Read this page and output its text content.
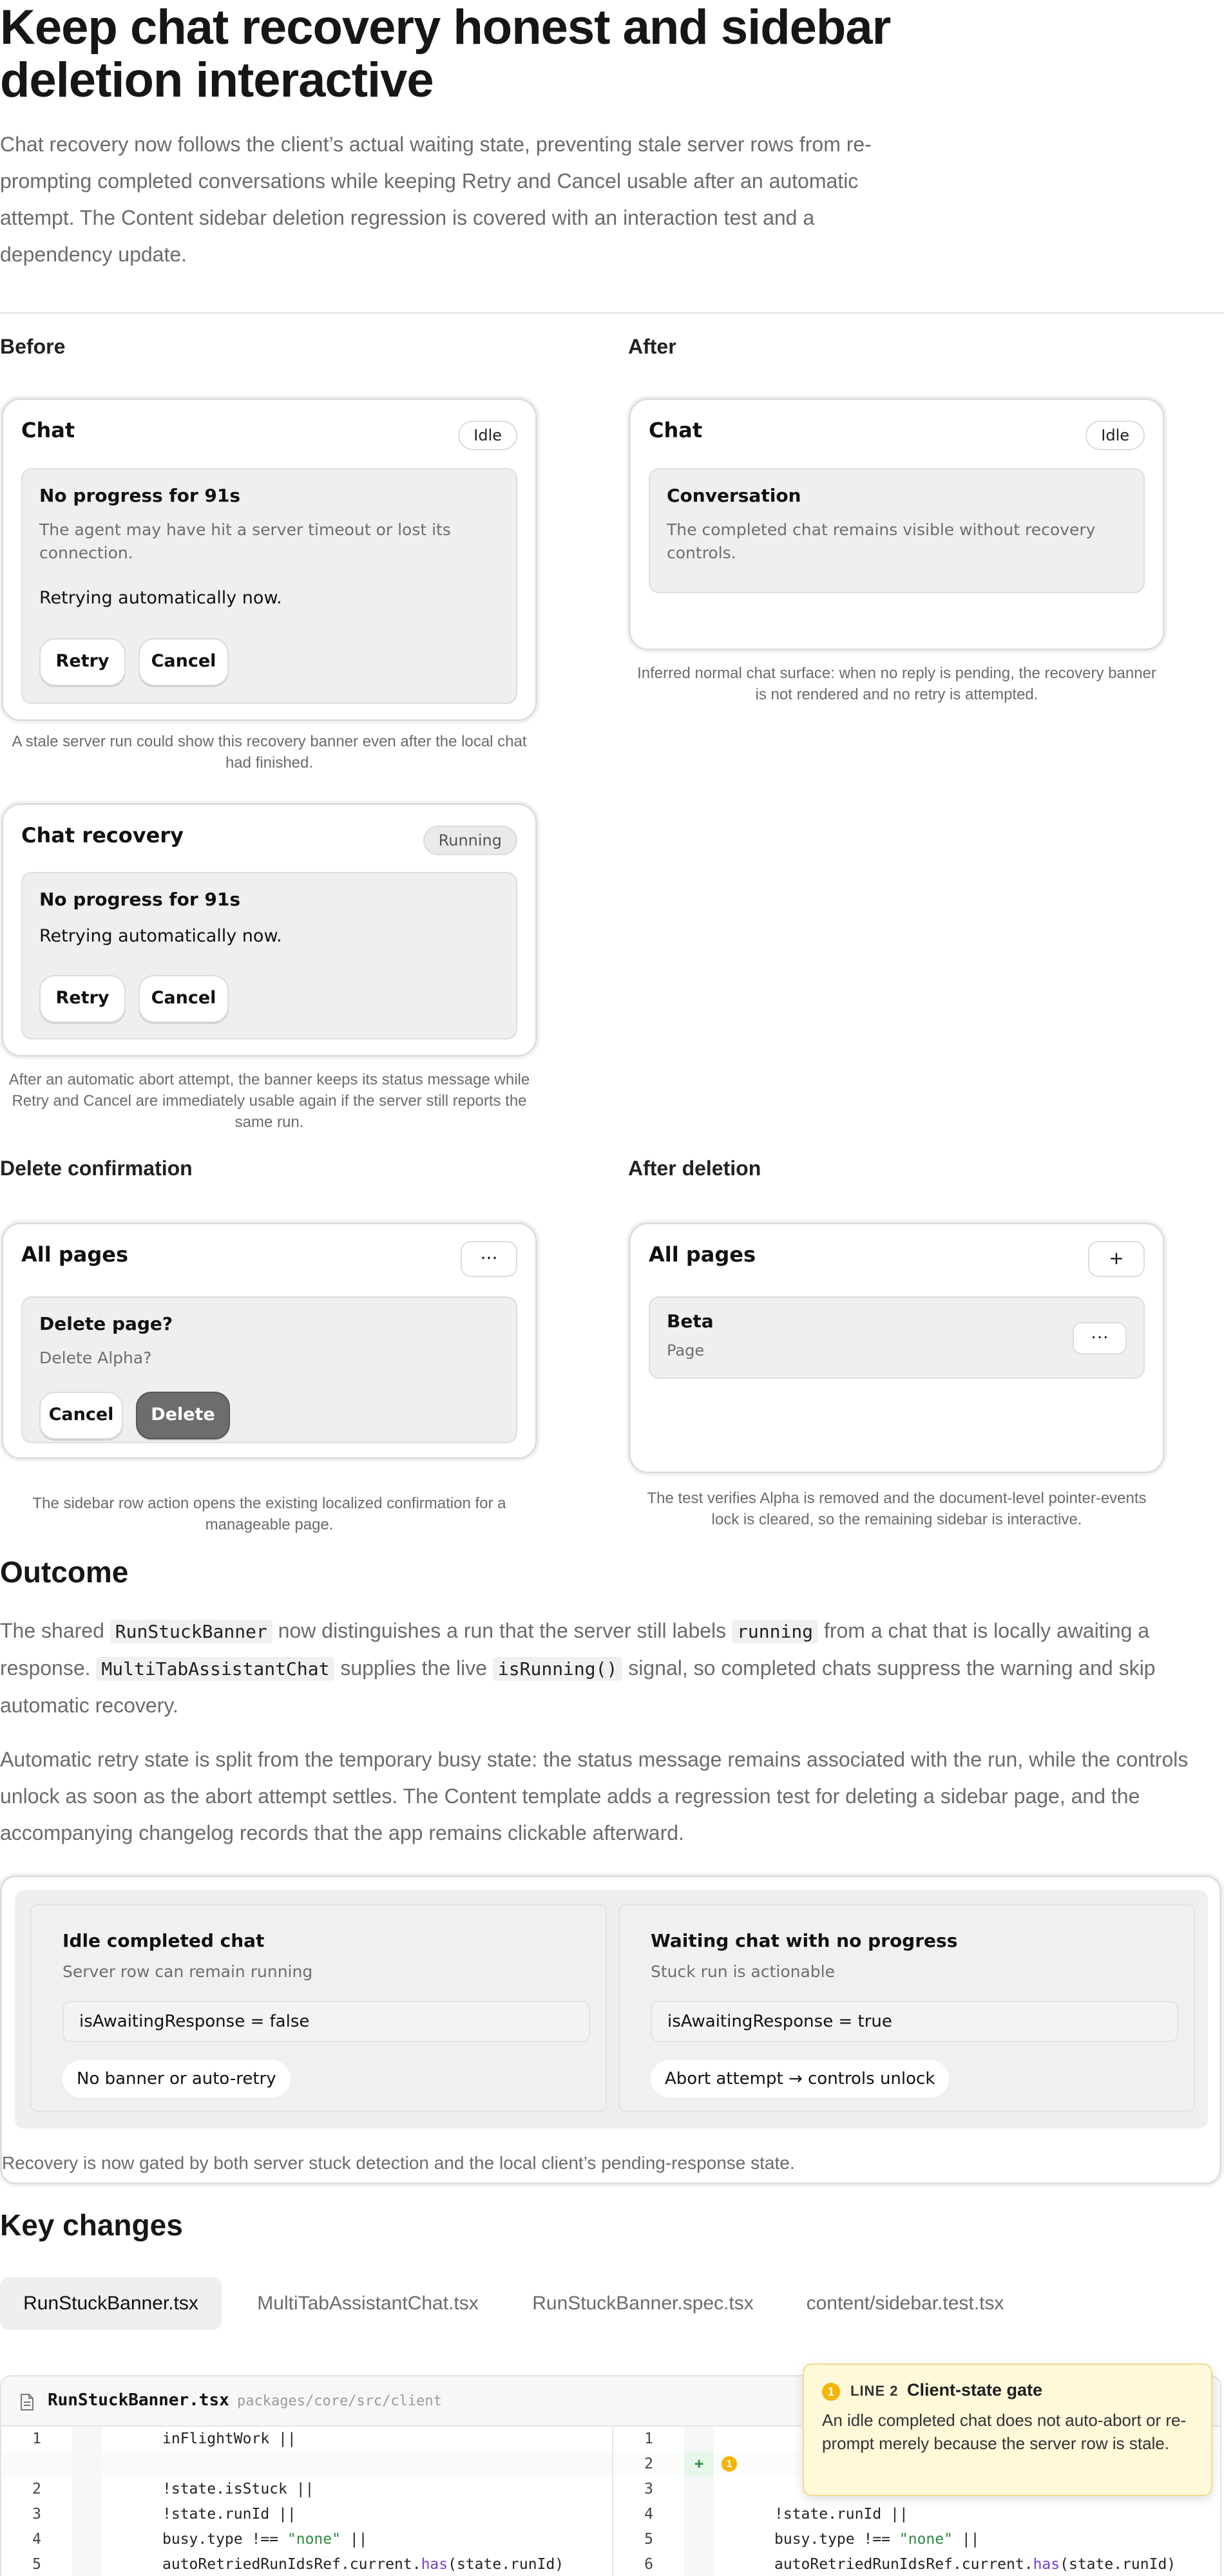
Keep chat recovery honest and sidebar deletion interactive

Chat recovery now follows the client’s actual waiting state, preventing stale server rows from re-prompting completed conversations while keeping Retry and Cancel usable after an automatic attempt. The Content sidebar deletion regression is covered with an interaction test and a dependency update.

Before	After
Chat	Idle
No progress for 91s
The agent may have hit a server timeout or lost its connection.
Retrying automatically now.
Retry	Cancel
A stale server run could show this recovery banner even after the local chat had finished.
Chat	Idle
Conversation
The completed chat remains visible without recovery controls.
Inferred normal chat surface: when no reply is pending, the recovery banner is not rendered and no retry is attempted.
Chat recovery	Running
No progress for 91s
Retrying automatically now.
Retry	Cancel
After an automatic abort attempt, the banner keeps its status message while Retry and Cancel are immediately usable again if the server still reports the same run.
Delete confirmation	After deletion
All pages	···
Delete page?
Delete Alpha?
Cancel	Delete
The sidebar row action opens the existing localized confirmation for a manageable page.
All pages	+
Beta
Page
···
The test verifies Alpha is removed and the document-level pointer-events lock is cleared, so the remaining sidebar is interactive.
Outcome

The shared RunStuckBanner now distinguishes a run that the server still labels running from a chat that is locally awaiting a response. MultiTabAssistantChat supplies the live isRunning() signal, so completed chats suppress the warning and skip automatic recovery.

Automatic retry state is split from the temporary busy state: the status message remains associated with the run, while the controls unlock as soon as the abort attempt settles. The Content template adds a regression test for deleting a sidebar page, and the accompanying changelog records that the app remains clickable afterward.

Idle completed chat
Server row can remain running
isAwaitingResponse = false
No banner or auto-retry
Waiting chat with no progress
Stuck run is actionable
isAwaitingResponse = true
Abort attempt → controls unlock
Recovery is now gated by both server stuck detection and the local client’s pending-response state.
Key changes
RunStuckBanner.tsx	MultiTabAssistantChat.tsx	RunStuckBanner.spec.tsx	content/sidebar.test.tsx
RunStuckBanner.tsx packages/core/src/client
1	inFlightWork ||
2	!state.isStuck ||
3	!state.runId ||
4	busy.type !== "none" ||
5	autoRetriedRunIdsRef.current.has(state.runId)
1
2	+	1
3
4	!state.runId ||
5	busy.type !== "none" ||
6	autoRetriedRunIdsRef.current.has(state.runId)
1	LINE 2 Client-state gate
An idle completed chat does not auto-abort or re-prompt merely because the server row is stale.
